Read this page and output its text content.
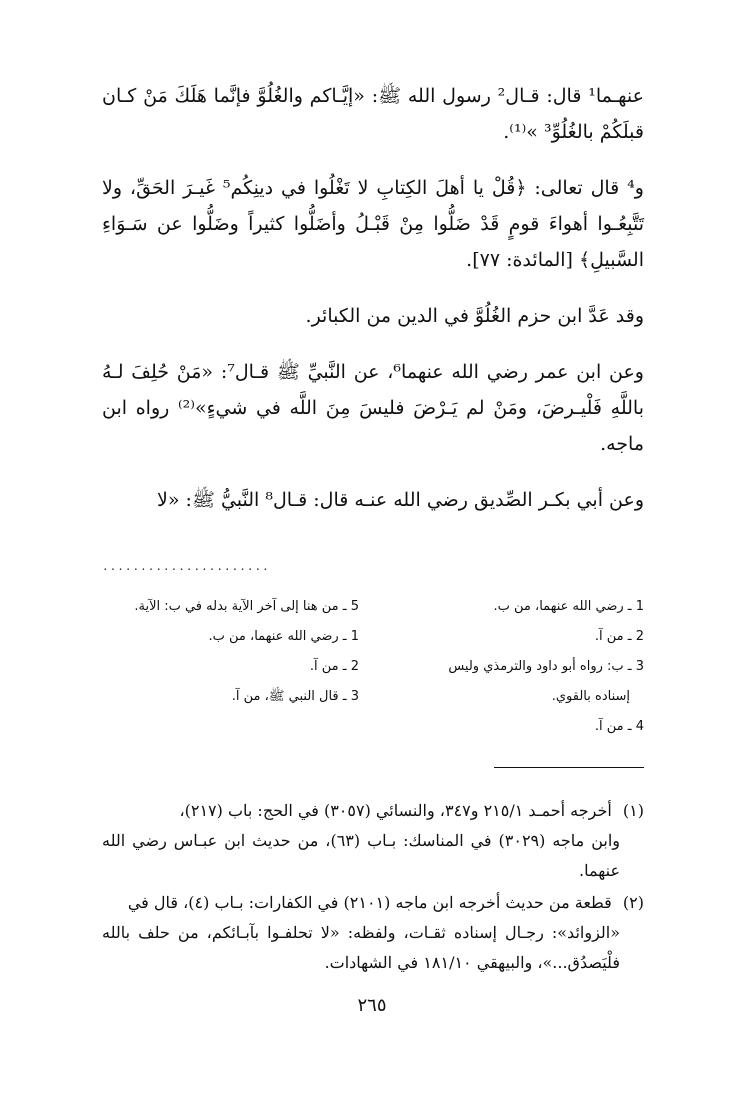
عنهـما¹ قال: قـال² رسول الله ﷺ: «إيَّـاكم والغُلُوَّ فإنَّما هَلَكَ مَنْ كـان قبلَكُمْ بالغُلُوِّ³ »⁽¹⁾.

و⁴ قال تعالى: ﴿قُلْ يا أهلَ الكِتابِ لا تَغْلُوا في دينِكُم⁵ غَيـرَ الحَقِّ، ولا تَتَّبِعُـوا أهواءَ قومٍ قَدْ ضَلُّوا مِنْ قَبْـلُ وأضَلُّوا كثيراً وضَلُّوا عن سَـوَاءِ السَّبيلِ﴾ [المائدة: ٧٧].

وقد عَدَّ ابن حزم الغُلُوَّ في الدين من الكبائر.

وعن ابن عمر رضي الله عنهما⁶، عن النَّبيِّ ﷺ قـال⁷: «مَنْ حُلِفَ لـهُ باللَّهِ فَلْيـرضَ، ومَنْ لم يَـرْضَ فليسَ مِنَ اللَّه في شيءٍ»⁽²⁾ رواه ابن ماجه.

وعن أبي بكـر الصِّديق رضي الله عنـه قال: قـال⁸ النَّبيُّ ﷺ: «لا

......................
1 ـ رضي الله عنهما، من ب.
2 ـ من آ.
3 ـ ب: رواه أبو داود والترمذي وليس
إسناده بالقوي.
4 ـ من آ.
5 ـ من هنا إلى آخر الآية بدله في ب: الآية.
1 ـ رضي الله عنهما، من ب.
2 ـ من آ.
3 ـ قال النبي ﷺ، من آ.

(١) أخرجه أحمـد ٢١٥/١ و٣٤٧، والنسائي (٣٠٥٧) في الحج: باب (٢١٧)،
وابن ماجه (٣٠٢٩) في المناسك: بـاب (٦٣)، من حديث ابن عبـاس رضي الله عنهما.

(٢) قطعة من حديث أخرجه ابن ماجه (٢١٠١) في الكفارات: بـاب (٤)، قال في
«الزوائد»: رجـال إسناده ثقـات، ولفظه: «لا تحلفـوا بآبـائكم، من حلف بالله فلْيَصدُق...»، والبيهقي ١٨١/١٠ في الشهادات.

٢٦٥
